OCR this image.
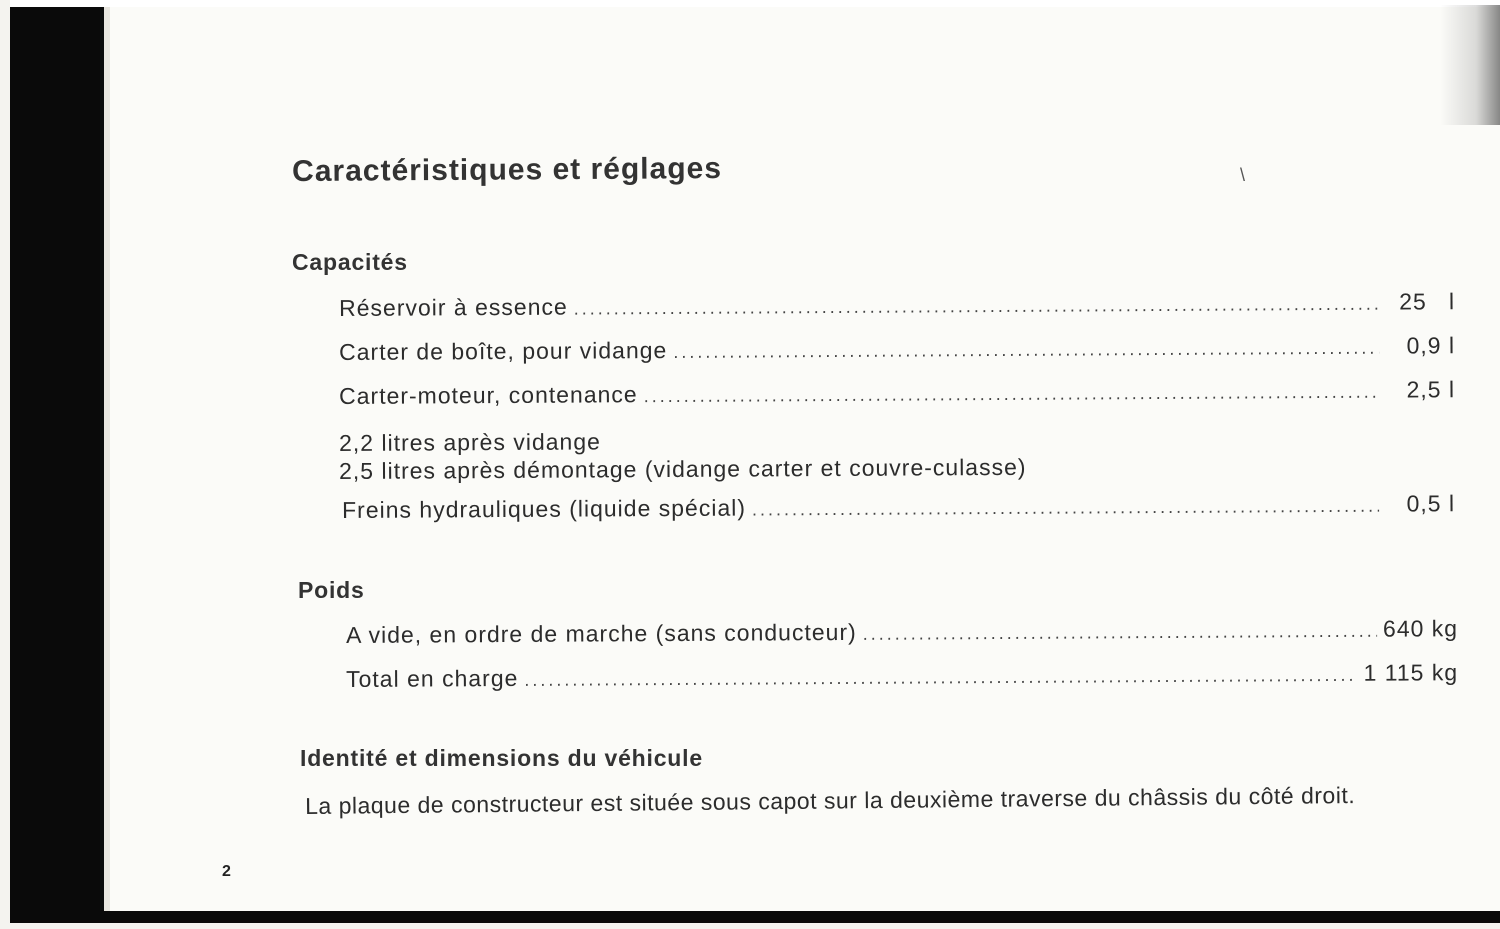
Caractéristiques et réglages	\
Capacités
Réservoir à essence .....	25   l
Carter de boîte, pour vidange .....	0,9 l
Carter-moteur, contenance .....	2,5 l
2,2 litres après vidange
2,5 litres après démontage (vidange carter et couvre-culasse)
Freins hydrauliques (liquide spécial) .....	0,5 l
Poids
A vide, en ordre de marche (sans conducteur) .....	640 kg
Total en charge .....	1 115 kg
Identité et dimensions du véhicule
La plaque de constructeur est située sous capot sur la deuxième traverse du châssis du côté droit.
2
